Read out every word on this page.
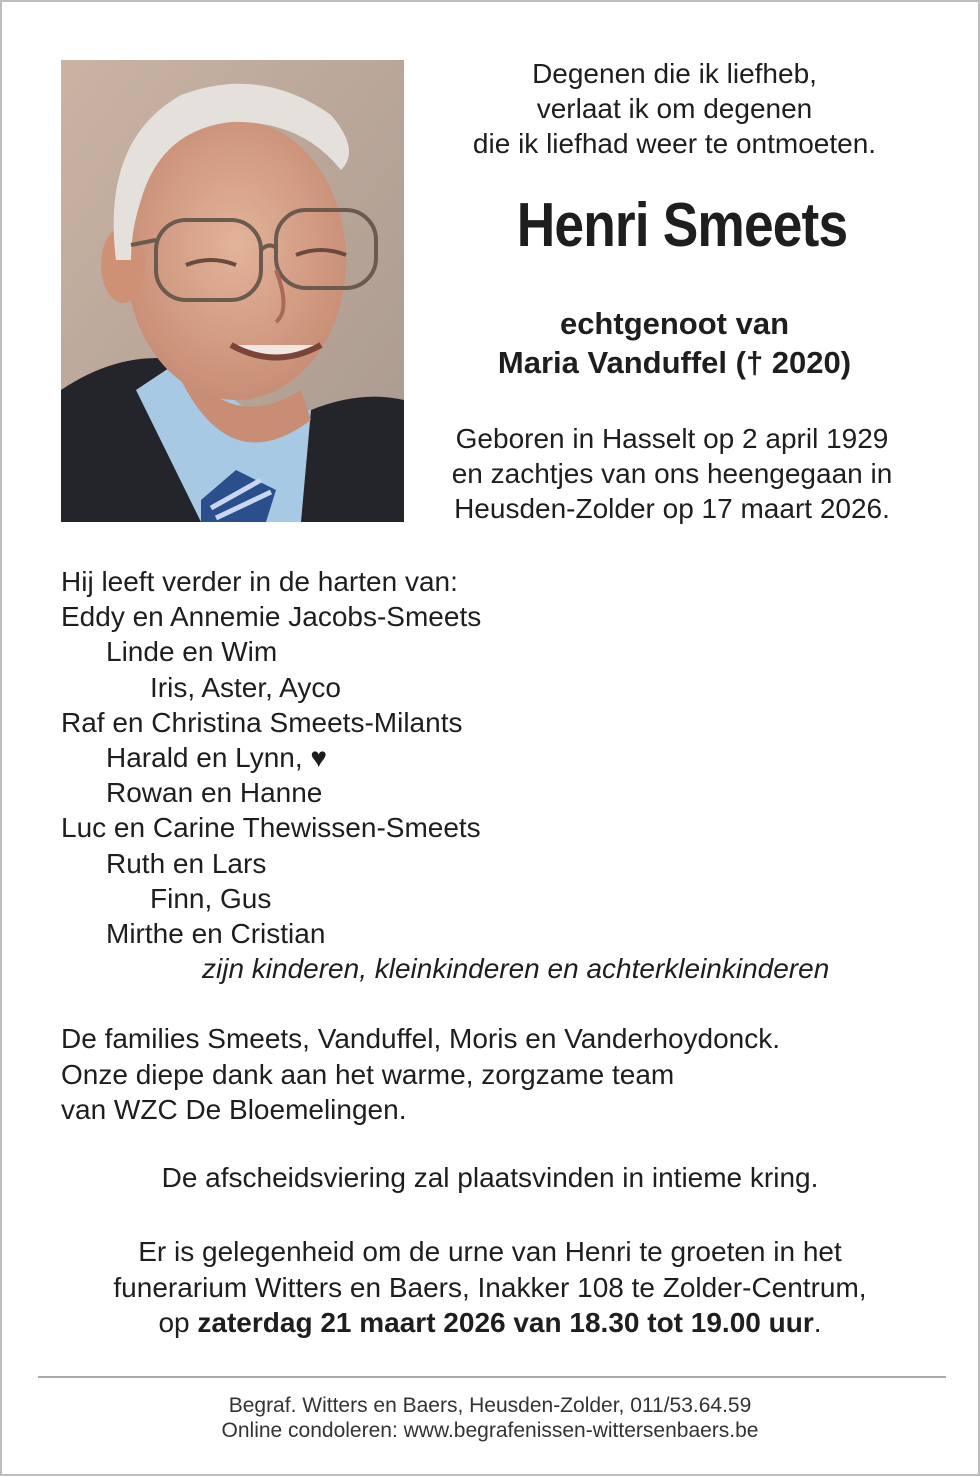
Degenen die ik liefheb,
verlaat ik om degenen
die ik liefhad weer te ontmoeten.
Henri Smeets
echtgenoot van
Maria Vanduffel († 2020)
Geboren in Hasselt op 2 april 1929
en zachtjes van ons heengegaan in
Heusden-Zolder op 17 maart 2026.
Hij leeft verder in de harten van:
Eddy en Annemie Jacobs-Smeets
Linde en Wim
Iris, Aster, Ayco
Raf en Christina Smeets-Milants
Harald en Lynn, ♥
Rowan en Hanne
Luc en Carine Thewissen-Smeets
Ruth en Lars
Finn, Gus
Mirthe en Cristian
zijn kinderen, kleinkinderen en achterkleinkinderen
De families Smeets, Vanduffel, Moris en Vanderhoydonck.
Onze diepe dank aan het warme, zorgzame team
van WZC De Bloemelingen.
De afscheidsviering zal plaatsvinden in intieme kring.
Er is gelegenheid om de urne van Henri te groeten in het
funerarium Witters en Baers, Inakker 108 te Zolder-Centrum,
op zaterdag 21 maart 2026 van 18.30 tot 19.00 uur.
Begraf. Witters en Baers, Heusden-Zolder, 011/53.64.59
Online condoleren: www.begrafenissen-wittersenbaers.be
